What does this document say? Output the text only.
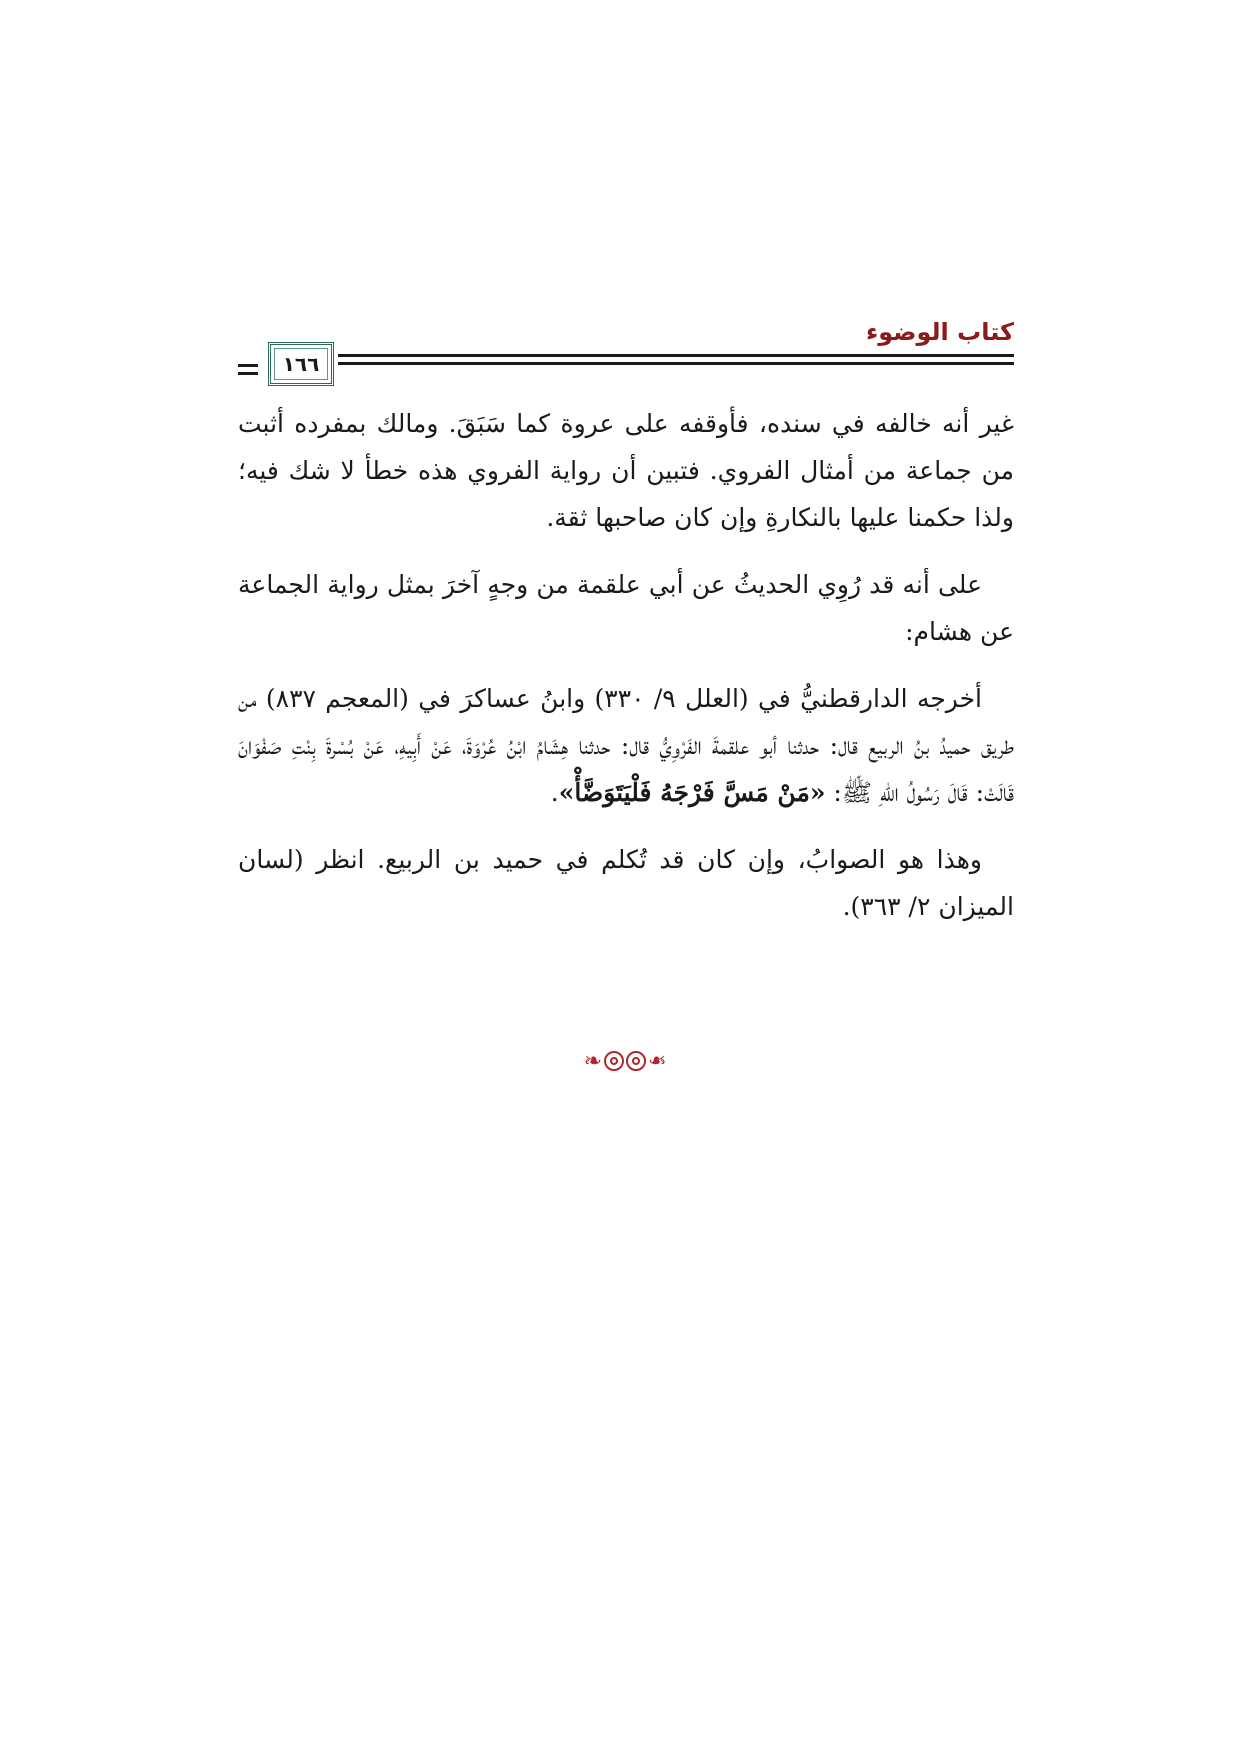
كتاب الوضوء
١٦٦

غير أنه خالفه في سنده، فأوقفه على عروة كما سَبَقَ. ومالك بمفرده أثبت من جماعة من أمثال الفروي. فتبين أن رواية الفروي هذه خطأ لا شك فيه؛ ولذا حكمنا عليها بالنكارةِ وإن كان صاحبها ثقة.

على أنه قد رُوِي الحديثُ عن أبي علقمة من وجهٍ آخرَ بمثل رواية الجماعة عن هشام:

أخرجه الدارقطنيُّ في (العلل ٩/ ٣٣٠) وابنُ عساكرَ في (المعجم ٨٣٧) من طريق حميدُ بنُ الربيع قال: حدثنا أبو علقمةَ الفَرْوِيُّ قال: حدثنا هِشَامُ ابْنُ عُرْوَةَ، عَنْ أَبِيهِ، عَنْ بُسْرةَ بِنْتِ صَفْوَانَ قَالَتْ: قَالَ رَسُولُ اللهِ ﷺ: «مَنْ مَسَّ فَرْجَهُ فَلْيَتَوَضَّأْ».

وهذا هو الصوابُ، وإن كان قد تُكلم في حميد بن الربيع. انظر (لسان الميزان ٢/ ٣٦٣).

❧ ❧
